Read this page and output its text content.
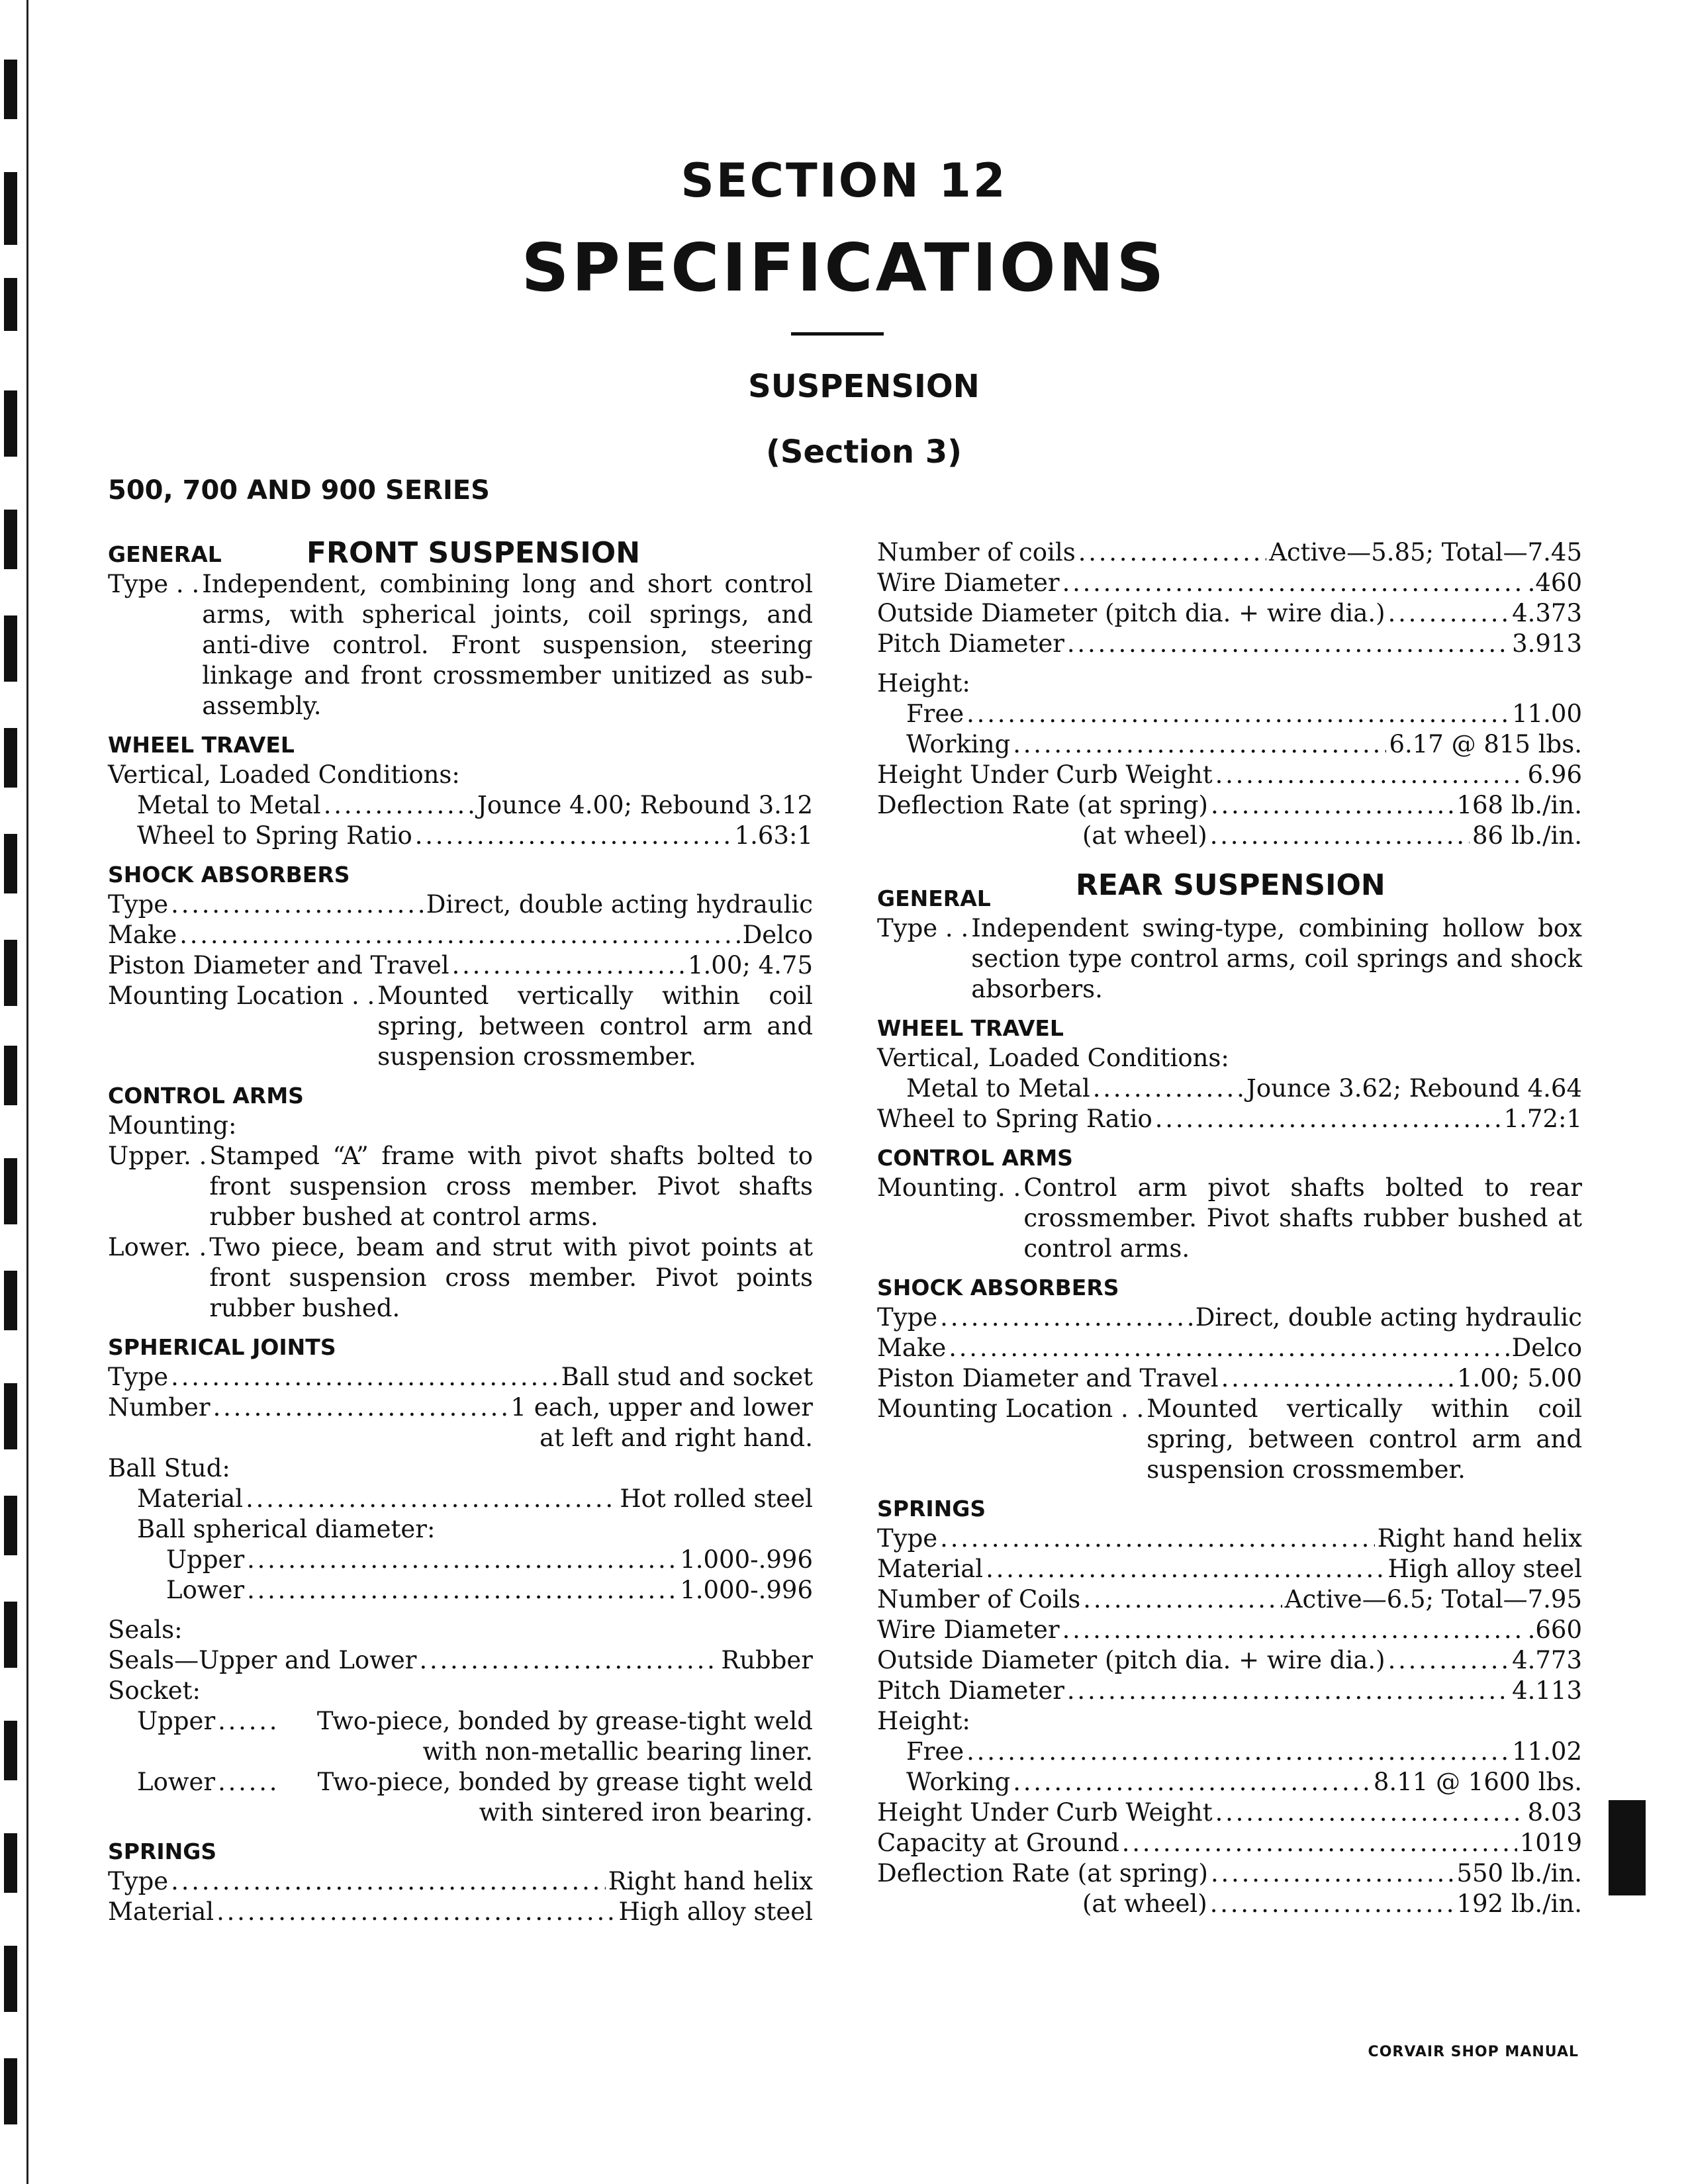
SECTION 12
SPECIFICATIONS
SUSPENSION
(Section 3)
500, 700 AND 900 SERIES
GENERAL	FRONT SUSPENSION
Type . . Independent, combining long and short control arms, with spherical joints, coil springs, and anti-dive control. Front suspension, steering linkage and front crossmember unitized as sub-assembly.
WHEEL TRAVEL
Vertical, Loaded Conditions:
Metal to Metal . . .	Jounce 4.00; Rebound 3.12
Wheel to Spring Ratio . . .	1.63:1
SHOCK ABSORBERS
Type . . .	Direct, double acting hydraulic
Make . . .	Delco
Piston Diameter and Travel . . .	1.00; 4.75
Mounting Location . . Mounted vertically within coil spring, between control arm and suspension crossmember.
CONTROL ARMS
Mounting:
Upper. . Stamped “A” frame with pivot shafts bolted to front suspension cross member. Pivot shafts rubber bushed at control arms.
Lower. . Two piece, beam and strut with pivot points at front suspension cross member. Pivot points rubber bushed.
SPHERICAL JOINTS
Type . . .	Ball stud and socket
Number . . .	1 each, upper and lower
at left and right hand.
Ball Stud:
Material . . .	Hot rolled steel
Ball spherical diameter:
Upper . . .	1.000-.996
Lower . . .	1.000-.996
Seals:
Seals—Upper and Lower . . .	Rubber
Socket:
Upper . . .	Two-piece, bonded by grease-tight weld
with non-metallic bearing liner.
Lower . . .	Two-piece, bonded by grease tight weld
with sintered iron bearing.
SPRINGS
Type . . .	Right hand helix
Material . . .	High alloy steel
Number of coils . . .	Active—5.85; Total—7.45
Wire Diameter . . .	.460
Outside Diameter (pitch dia. + wire dia.) . . .	4.373
Pitch Diameter . . .	3.913
Height:
Free . . .	11.00
Working . . .	6.17 @ 815 lbs.
Height Under Curb Weight . . .	6.96
Deflection Rate (at spring) . . .	168 lb./in.
(at wheel) . . .	86 lb./in.
GENERAL	REAR SUSPENSION
Type . . Independent swing-type, combining hollow box section type control arms, coil springs and shock absorbers.
WHEEL TRAVEL
Vertical, Loaded Conditions:
Metal to Metal . . .	Jounce 3.62; Rebound 4.64
Wheel to Spring Ratio . . .	1.72:1
CONTROL ARMS
Mounting. . Control arm pivot shafts bolted to rear crossmember. Pivot shafts rubber bushed at control arms.
SHOCK ABSORBERS
Type . . .	Direct, double acting hydraulic
Make . . .	Delco
Piston Diameter and Travel . . .	1.00; 5.00
Mounting Location . . Mounted vertically within coil spring, between control arm and suspension crossmember.
SPRINGS
Type . . .	Right hand helix
Material . . .	High alloy steel
Number of Coils . . .	Active—6.5; Total—7.95
Wire Diameter . . .	.660
Outside Diameter (pitch dia. + wire dia.) . . .	4.773
Pitch Diameter . . .	4.113
Height:
Free . . .	11.02
Working . . .	8.11 @ 1600 lbs.
Height Under Curb Weight . . .	8.03
Capacity at Ground . . .	1019
Deflection Rate (at spring) . . .	550 lb./in.
(at wheel) . . .	192 lb./in.
CORVAIR SHOP MANUAL
